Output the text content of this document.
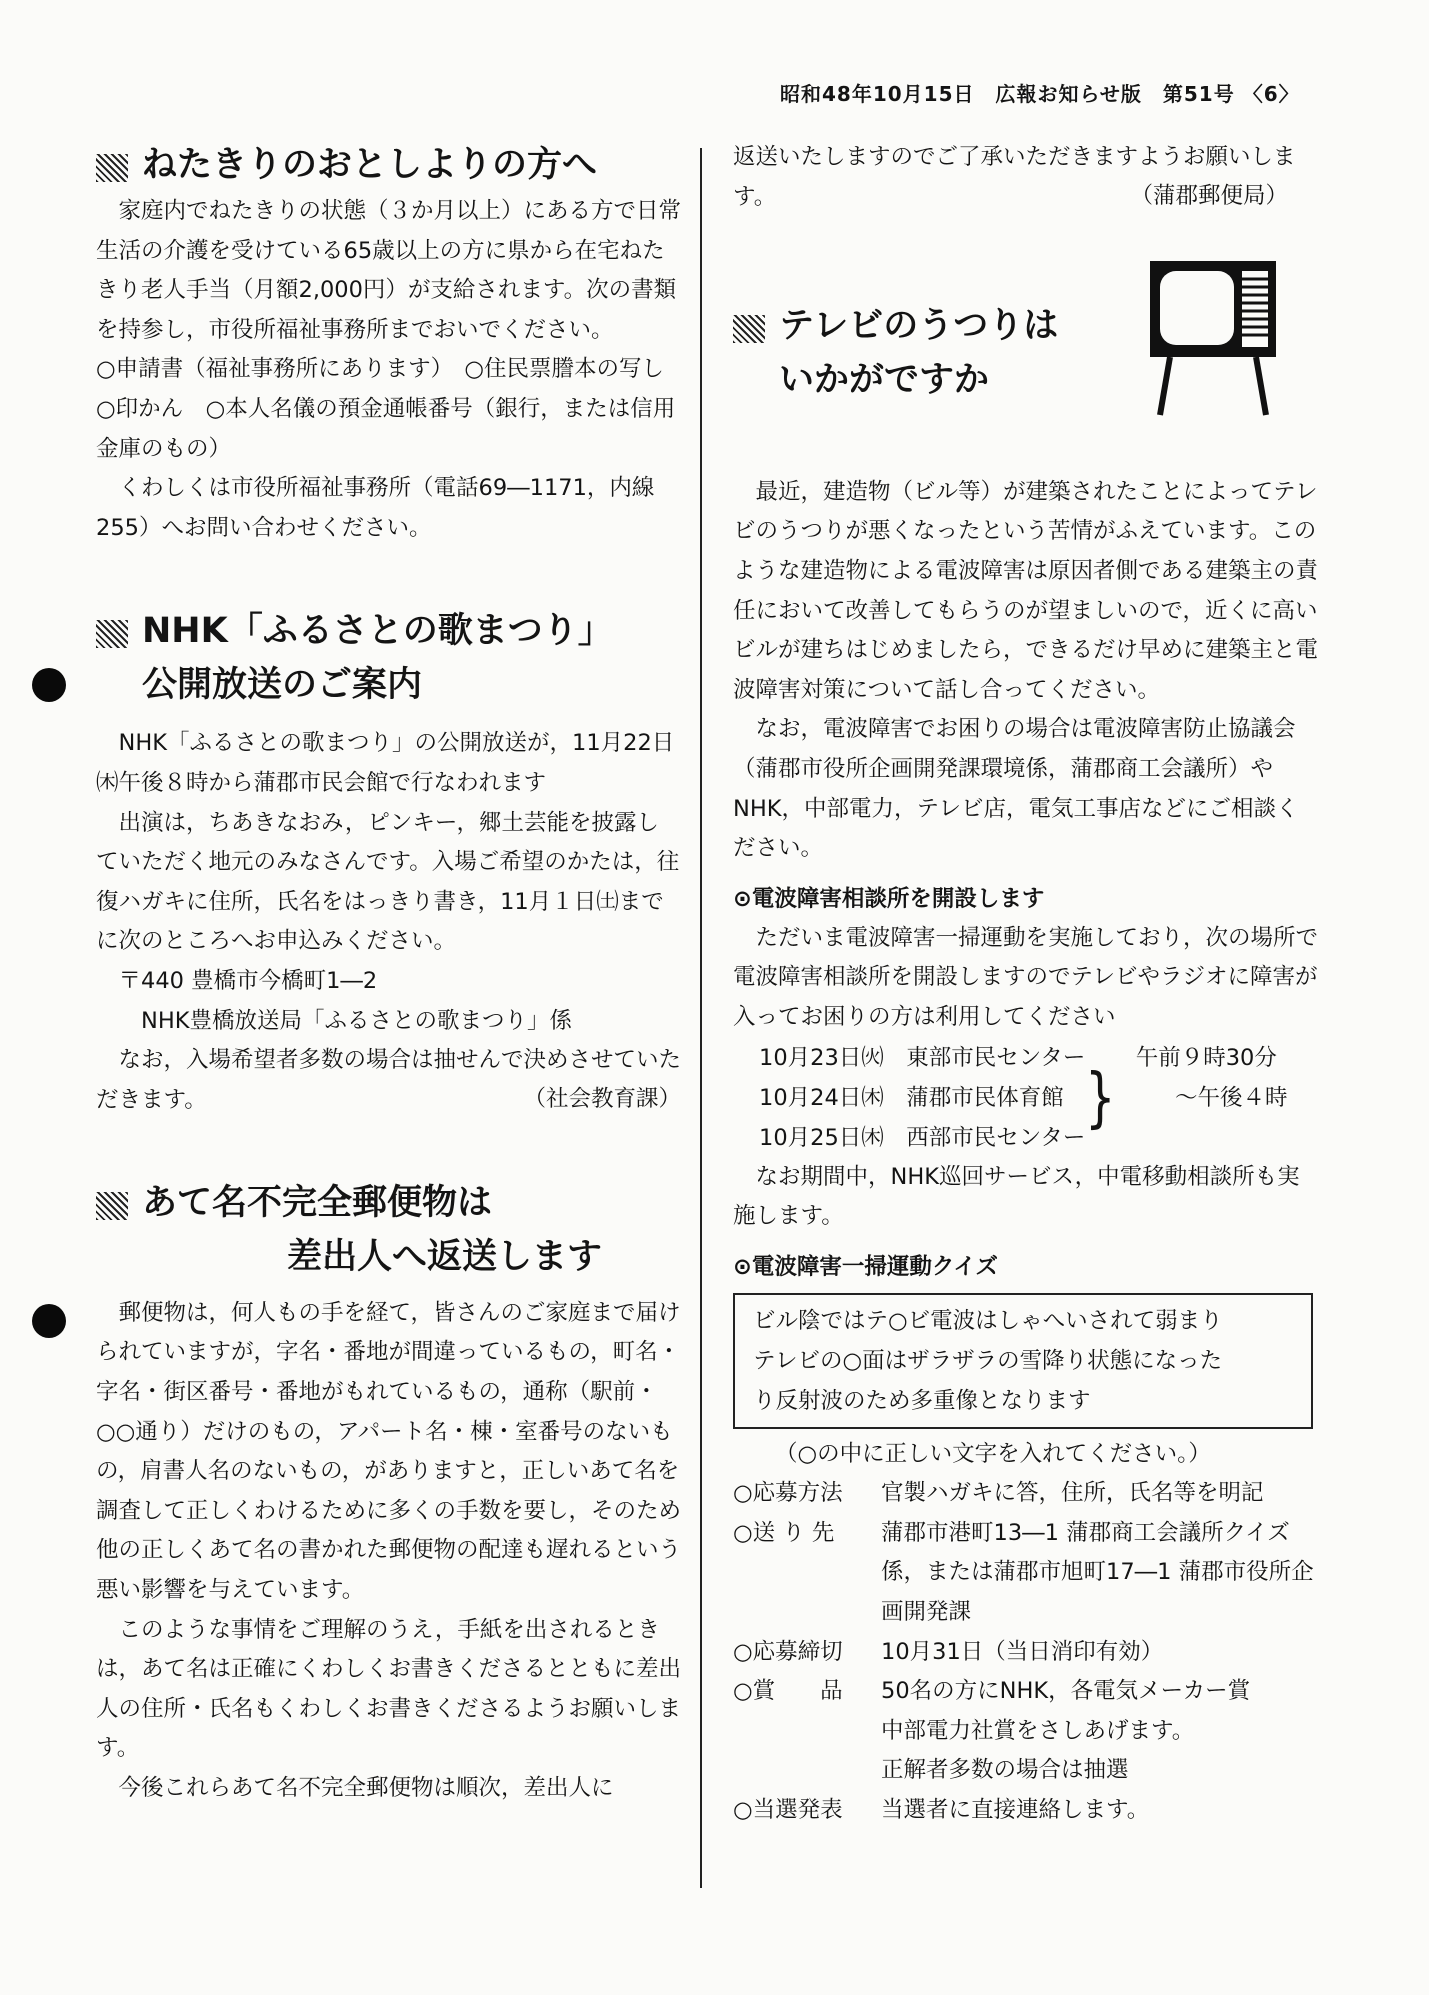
昭和48年10月15日　広報お知らせ版　第51号 〈6〉
ねたきりのおとしよりの方へ

家庭内でねたきりの状態（３か月以上）にある方で日常生活の介護を受けている65歳以上の方に県から在宅ねたきり老人手当（月額2,000円）が支給されます。次の書類を持参し，市役所福祉事務所までおいでください。

○申請書（福祉事務所にあります）　○住民票謄本の写し　○印かん　○本人名儀の預金通帳番号（銀行，または信用金庫のもの）

くわしくは市役所福祉事務所（電話69―1171，内線255）へお問い合わせください。

NHK「ふるさとの歌まつり」
公開放送のご案内

NHK「ふるさとの歌まつり」の公開放送が，11月22日㈭午後８時から蒲郡市民会館で行なわれます

出演は，ちあきなおみ，ピンキー，郷土芸能を披露していただく地元のみなさんです。入場ご希望のかたは，往復ハガキに住所，氏名をはっきり書き，11月１日㈯までに次のところへお申込みください。

〒440 豊橋市今橋町1―2

NHK豊橋放送局「ふるさとの歌まつり」係

なお，入場希望者多数の場合は抽せんで決めさせていただきます。	（社会教育課）

あて名不完全郵便物は
差出人へ返送します

郵便物は，何人もの手を経て，皆さんのご家庭まで届けられていますが，字名・番地が間違っているもの，町名・字名・街区番号・番地がもれているもの，通称（駅前・○○通り）だけのもの，アパート名・棟・室番号のないもの，肩書人名のないもの，がありますと，正しいあて名を調査して正しくわけるために多くの手数を要し，そのため他の正しくあて名の書かれた郵便物の配達も遅れるという悪い影響を与えています。

このような事情をご理解のうえ，手紙を出されるときは，あて名は正確にくわしくお書きくださるとともに差出人の住所・氏名もくわしくお書きくださるようお願いします。

今後これらあて名不完全郵便物は順次，差出人に

返送いたしますのでご了承いただきますようお願いします。	（蒲郡郵便局）

テレビのうつりは
いかがですか

最近，建造物（ビル等）が建築されたことによってテレビのうつりが悪くなったという苦情がふえています。このような建造物による電波障害は原因者側である建築主の責任において改善してもらうのが望ましいので，近くに高いビルが建ちはじめましたら，できるだけ早めに建築主と電波障害対策について話し合ってください。

なお，電波障害でお困りの場合は電波障害防止協議会（蒲郡市役所企画開発課環境係，蒲郡商工会議所）やNHK，中部電力，テレビ店，電気工事店などにご相談ください。

⊙電波障害相談所を開設します

ただいま電波障害一掃運動を実施しており，次の場所で電波障害相談所を開設しますのでテレビやラジオに障害が入ってお困りの方は利用してください

10月23日㈫　東部市民センター
10月24日㈭　蒲郡市民体育館
10月25日㈭　西部市民センター
}
午前９時30分
～午後４時

なお期間中，NHK巡回サービス，中電移動相談所も実施します。

⊙電波障害一掃運動クイズ

ビル陰ではテ○ビ電波はしゃへいされて弱まり

テレビの○面はザラザラの雪降り状態になった

り反射波のため多重像となります

（○の中に正しい文字を入れてください。）

○応募方法	官製ハガキに答，住所，氏名等を明記
○送 り 先	蒲郡市港町13―1 蒲郡商工会議所クイズ係，または蒲郡市旭町17―1 蒲郡市役所企画開発課
○応募締切	10月31日（当日消印有効）
○賞　　品	50名の方にNHK，各電気メーカー賞
中部電力社賞をさしあげます。
正解者多数の場合は抽選
○当選発表	当選者に直接連絡します。
